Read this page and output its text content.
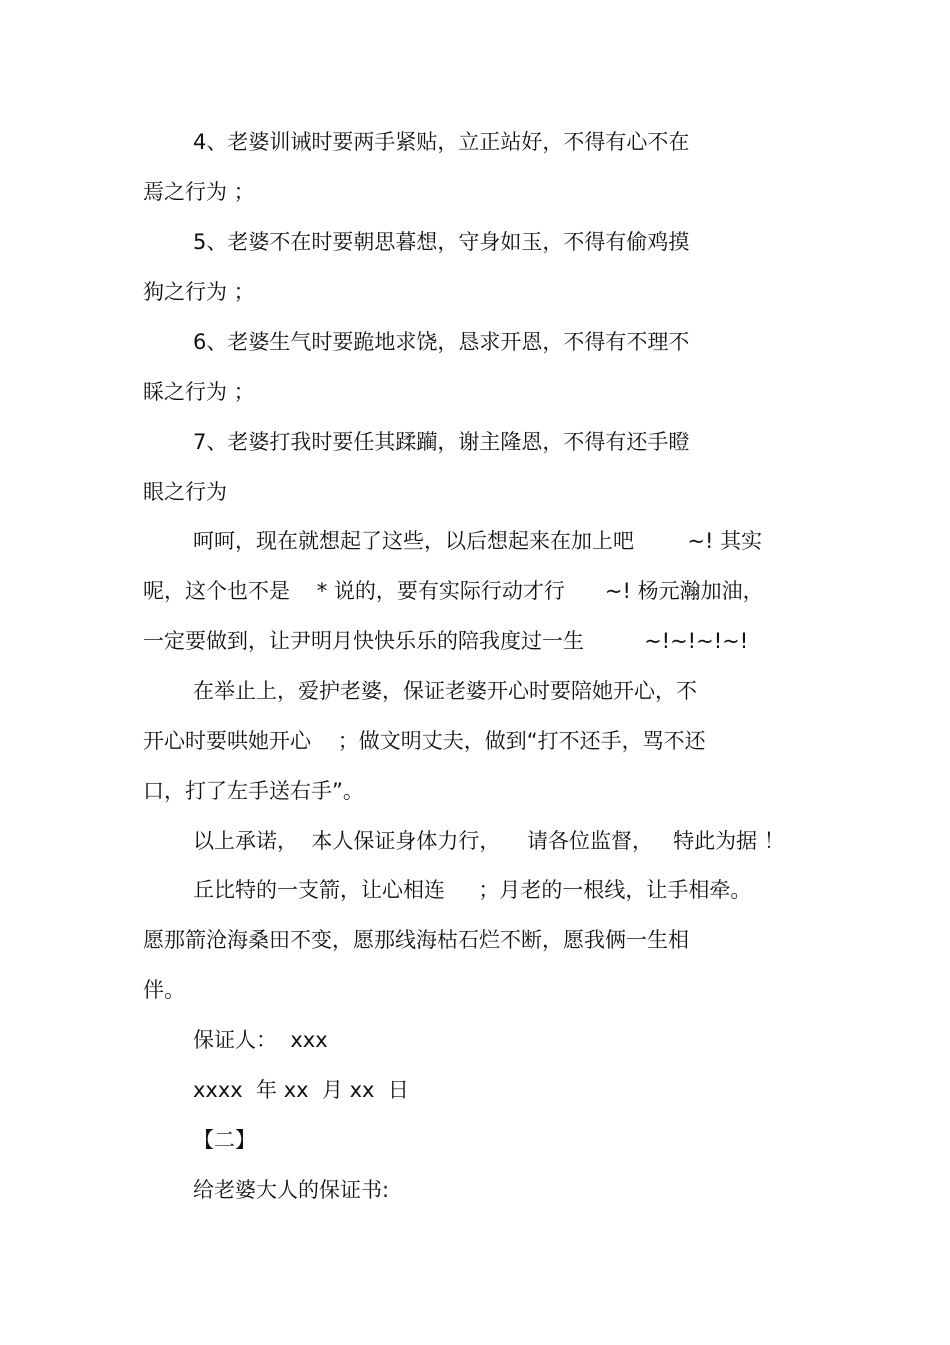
4、老婆训诫时要两手紧贴，立正站好，不得有心不在
焉之行为 ；
5、老婆不在时要朝思暮想，守身如玉，不得有偷鸡摸
狗之行为 ；
6、老婆生气时要跪地求饶，恳求开恩，不得有不理不
睬之行为 ；
7、老婆打我时要任其蹂躏，谢主隆恩，不得有还手瞪
眼之行为
呵呵，现在就想起了这些，以后想起来在加上吧        ~! 其实
呢，这个也不是    * 说的，要有实际行动才行      ~! 杨元瀚加油，
一定要做到，让尹明月快快乐乐的陪我度过一生         ~!~!~!~!
在举止上，爱护老婆，保证老婆开心时要陪她开心，不
开心时要哄她开心    ；做文明丈夫，做到“打不还手，骂不还
口，打了左手送右手”。
以上承诺，  本人保证身体力行，    请各位监督，   特此为据 ！
丘比特的一支箭，让心相连     ；月老的一根线，让手相牵。
愿那箭沧海桑田不变，愿那线海枯石烂不断，愿我俩一生相
伴。
保证人：  xxx
xxxx  年 xx  月 xx  日
【二】
给老婆大人的保证书:
